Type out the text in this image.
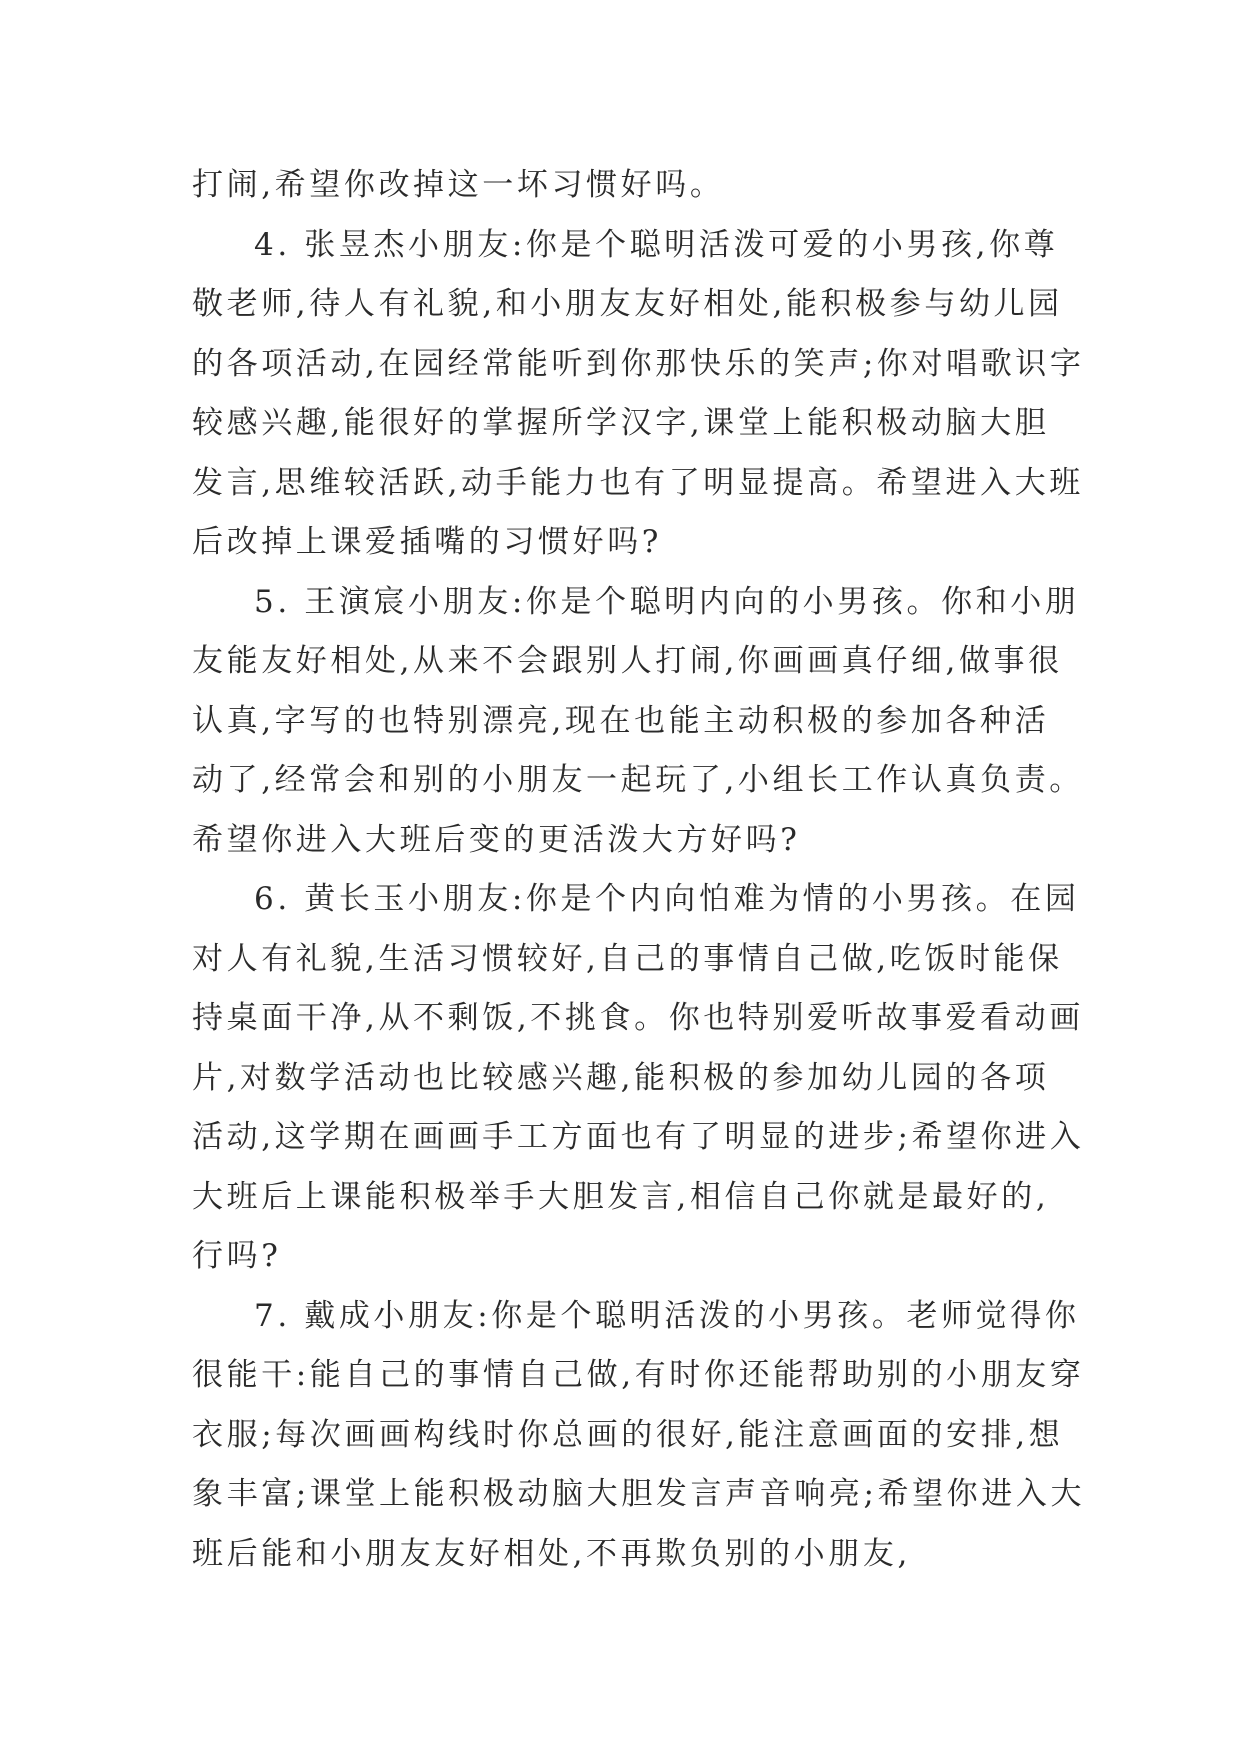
打闹,希望你改掉这一坏习惯好吗。
4. 张昱杰小朋友:你是个聪明活泼可爱的小男孩,你尊
敬老师,待人有礼貌,和小朋友友好相处,能积极参与幼儿园
的各项活动,在园经常能听到你那快乐的笑声;你对唱歌识字
较感兴趣,能很好的掌握所学汉字,课堂上能积极动脑大胆
发言,思维较活跃,动手能力也有了明显提高。希望进入大班
后改掉上课爱插嘴的习惯好吗?
5. 王演宸小朋友:你是个聪明内向的小男孩。你和小朋
友能友好相处,从来不会跟别人打闹,你画画真仔细,做事很
认真,字写的也特别漂亮,现在也能主动积极的参加各种活
动了,经常会和别的小朋友一起玩了,小组长工作认真负责。
希望你进入大班后变的更活泼大方好吗?
6. 黄长玉小朋友:你是个内向怕难为情的小男孩。在园
对人有礼貌,生活习惯较好,自己的事情自己做,吃饭时能保
持桌面干净,从不剩饭,不挑食。你也特别爱听故事爱看动画
片,对数学活动也比较感兴趣,能积极的参加幼儿园的各项
活动,这学期在画画手工方面也有了明显的进步;希望你进入
大班后上课能积极举手大胆发言,相信自己你就是最好的,
行吗?
7. 戴成小朋友:你是个聪明活泼的小男孩。老师觉得你
很能干:能自己的事情自己做,有时你还能帮助别的小朋友穿
衣服;每次画画构线时你总画的很好,能注意画面的安排,想
象丰富;课堂上能积极动脑大胆发言声音响亮;希望你进入大
班后能和小朋友友好相处,不再欺负别的小朋友,
